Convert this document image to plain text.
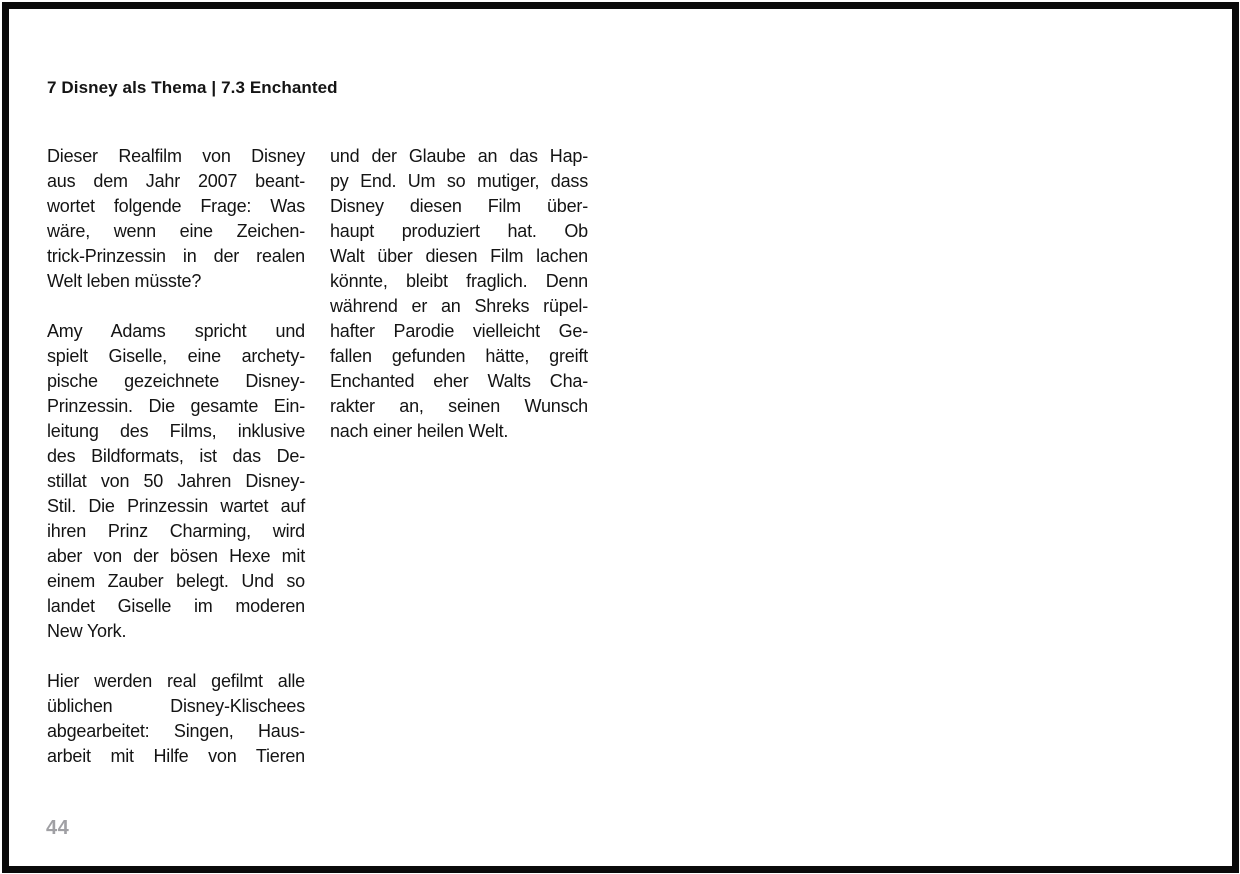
7 Disney als Thema | 7.3 Enchanted
Dieser Realfilm von Disney
aus dem Jahr 2007 beant-
wortet folgende Frage: Was
wäre, wenn eine Zeichen-
trick-Prinzessin in der realen
Welt leben müsste?
Amy Adams spricht und
spielt Giselle, eine archety-
pische gezeichnete Disney-
Prinzessin. Die gesamte Ein-
leitung des Films, inklusive
des Bildformats, ist das De-
stillat von 50 Jahren Disney-
Stil. Die Prinzessin wartet auf
ihren Prinz Charming, wird
aber von der bösen Hexe mit
einem Zauber belegt. Und so
landet Giselle im moderen
New York.
Hier werden real gefilmt alle
üblichen Disney-Klischees
abgearbeitet: Singen, Haus-
arbeit mit Hilfe von Tieren
und der Glaube an das Hap-
py End. Um so mutiger, dass
Disney diesen Film über-
haupt produziert hat. Ob
Walt über diesen Film lachen
könnte, bleibt fraglich. Denn
während er an Shreks rüpel-
hafter Parodie vielleicht Ge-
fallen gefunden hätte, greift
Enchanted eher Walts Cha-
rakter an, seinen Wunsch
nach einer heilen Welt.
44
